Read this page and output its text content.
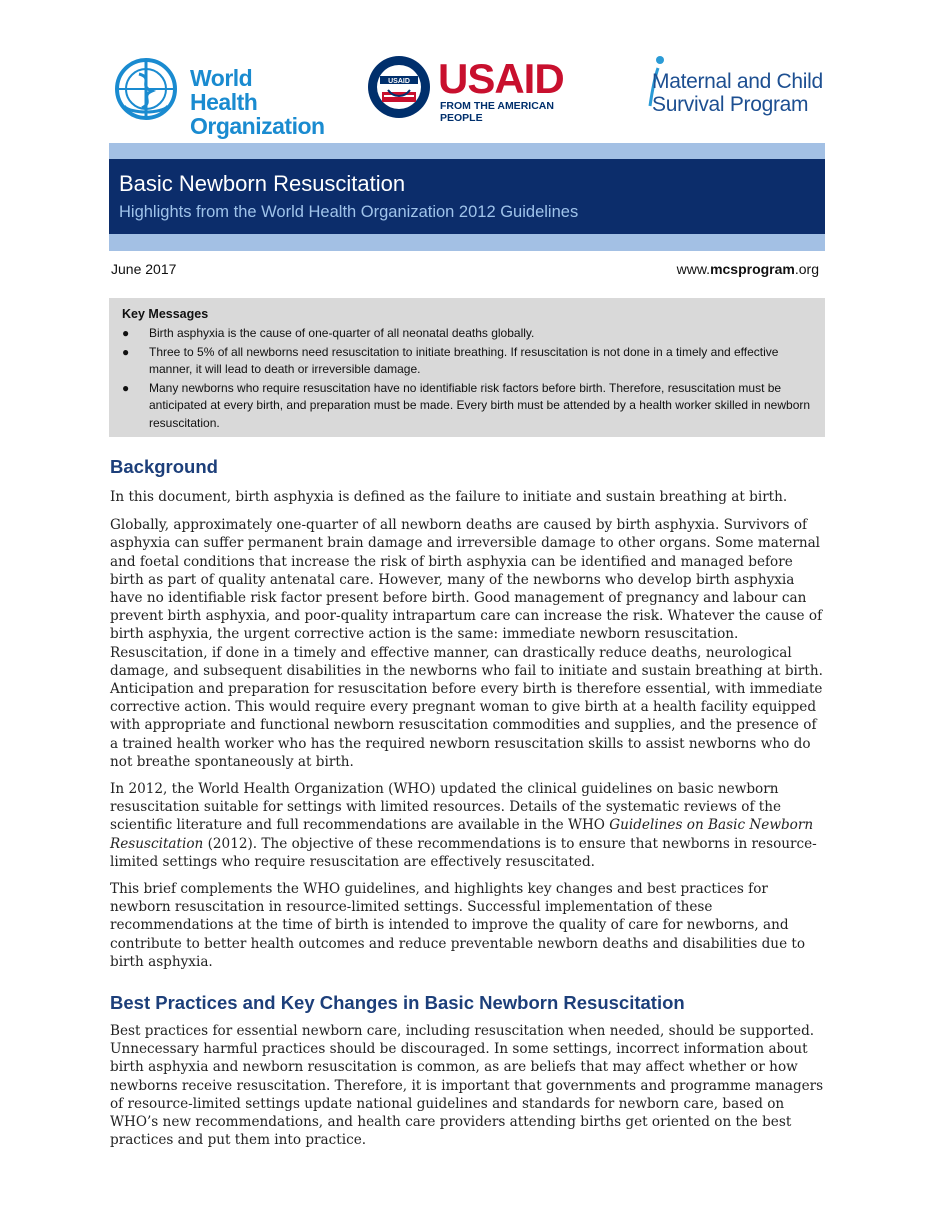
World Health
Organization
USAID USAID
FROM THE AMERICAN PEOPLE
Maternal and Child
Survival Program
Basic Newborn Resuscitation
Highlights from the World Health Organization 2012 Guidelines
June 2017	www.mcsprogram.org
Key Messages
● Birth asphyxia is the cause of one-quarter of all neonatal deaths globally.
● Three to 5% of all newborns need resuscitation to initiate breathing. If resuscitation is not done in a timely and effective manner, it will lead to death or irreversible damage.
● Many newborns who require resuscitation have no identifiable risk factors before birth. Therefore, resuscitation must be anticipated at every birth, and preparation must be made. Every birth must be attended by a health worker skilled in newborn resuscitation.
Background

In this document, birth asphyxia is defined as the failure to initiate and sustain breathing at birth.

Globally, approximately one-quarter of all newborn deaths are caused by birth asphyxia. Survivors of asphyxia can suffer permanent brain damage and irreversible damage to other organs. Some maternal and foetal conditions that increase the risk of birth asphyxia can be identified and managed before birth as part of quality antenatal care. However, many of the newborns who develop birth asphyxia have no identifiable risk factor present before birth. Good management of pregnancy and labour can prevent birth asphyxia, and poor-quality intrapartum care can increase the risk. Whatever the cause of birth asphyxia, the urgent corrective action is the same: immediate newborn resuscitation. Resuscitation, if done in a timely and effective manner, can drastically reduce deaths, neurological damage, and subsequent disabilities in the newborns who fail to initiate and sustain breathing at birth. Anticipation and preparation for resuscitation before every birth is therefore essential, with immediate corrective action. This would require every pregnant woman to give birth at a health facility equipped with appropriate and functional newborn resuscitation commodities and supplies, and the presence of a trained health worker who has the required newborn resuscitation skills to assist newborns who do not breathe spontaneously at birth.

In 2012, the World Health Organization (WHO) updated the clinical guidelines on basic newborn resuscitation suitable for settings with limited resources. Details of the systematic reviews of the scientific literature and full recommendations are available in the WHO Guidelines on Basic Newborn Resuscitation (2012). The objective of these recommendations is to ensure that newborns in resource-limited settings who require resuscitation are effectively resuscitated.

This brief complements the WHO guidelines, and highlights key changes and best practices for newborn resuscitation in resource-limited settings. Successful implementation of these recommendations at the time of birth is intended to improve the quality of care for newborns, and contribute to better health outcomes and reduce preventable newborn deaths and disabilities due to birth asphyxia.

Best Practices and Key Changes in Basic Newborn Resuscitation

Best practices for essential newborn care, including resuscitation when needed, should be supported. Unnecessary harmful practices should be discouraged. In some settings, incorrect information about birth asphyxia and newborn resuscitation is common, as are beliefs that may affect whether or how newborns receive resuscitation. Therefore, it is important that governments and programme managers of resource-limited settings update national guidelines and standards for newborn care, based on WHO’s new recommendations, and health care providers attending births get oriented on the best practices and put them into practice.
